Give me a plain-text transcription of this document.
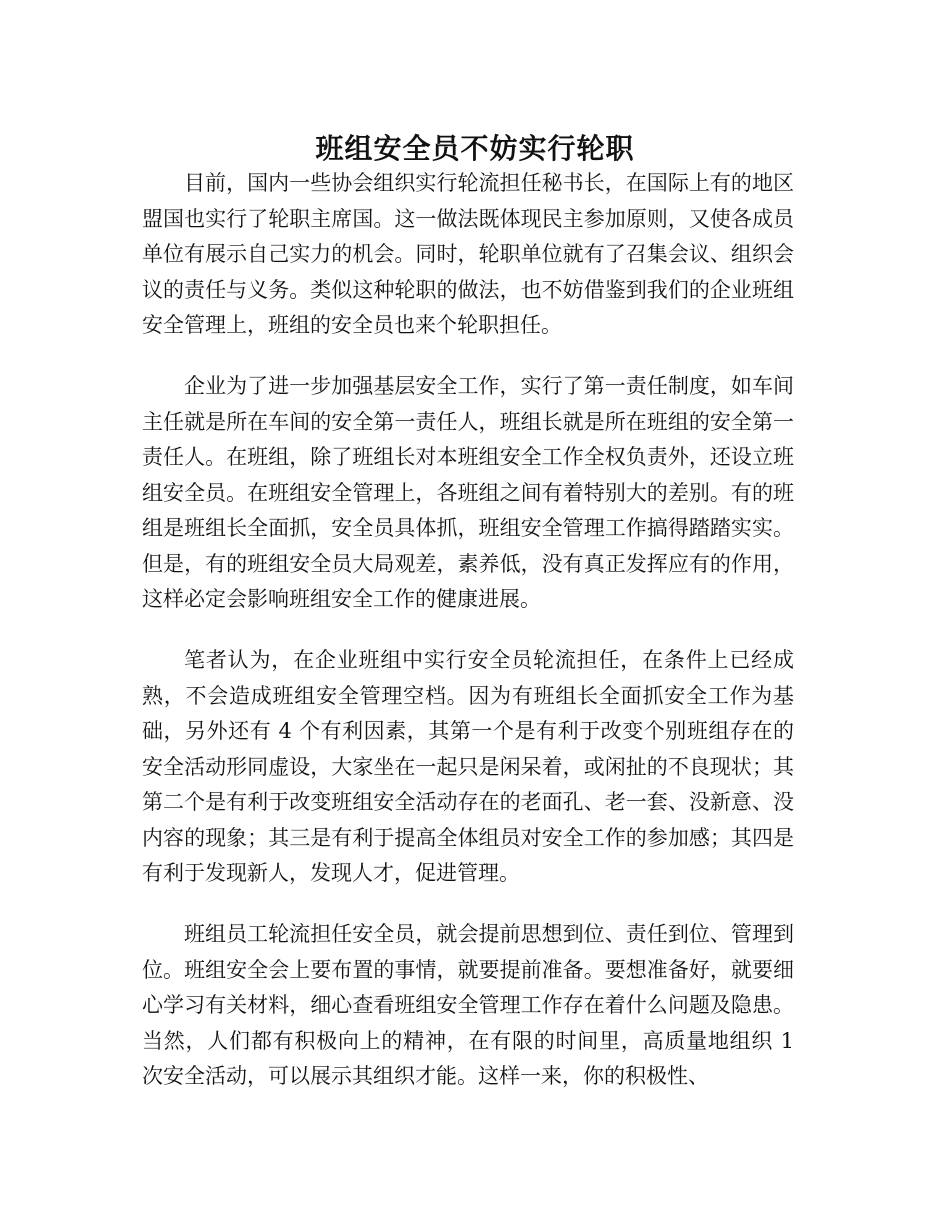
班组安全员不妨实行轮职

目前，国内一些协会组织实行轮流担任秘书长，在国际上有的地区盟国也实行了轮职主席国。这一做法既体现民主参加原则，又使各成员单位有展示自己实力的机会。同时，轮职单位就有了召集会议、组织会议的责任与义务。类似这种轮职的做法，也不妨借鉴到我们的企业班组安全管理上，班组的安全员也来个轮职担任。

企业为了进一步加强基层安全工作，实行了第一责任制度，如车间主任就是所在车间的安全第一责任人，班组长就是所在班组的安全第一责任人。在班组，除了班组长对本班组安全工作全权负责外，还设立班组安全员。在班组安全管理上，各班组之间有着特别大的差别。有的班组是班组长全面抓，安全员具体抓，班组安全管理工作搞得踏踏实实。但是，有的班组安全员大局观差，素养低，没有真正发挥应有的作用，这样必定会影响班组安全工作的健康进展。

笔者认为，在企业班组中实行安全员轮流担任，在条件上已经成熟，不会造成班组安全管理空档。因为有班组长全面抓安全工作为基础，另外还有 4 个有利因素，其第一个是有利于改变个别班组存在的安全活动形同虚设，大家坐在一起只是闲呆着，或闲扯的不良现状；其第二个是有利于改变班组安全活动存在的老面孔、老一套、没新意、没内容的现象；其三是有利于提高全体组员对安全工作的参加感；其四是有利于发现新人，发现人才，促进管理。

班组员工轮流担任安全员，就会提前思想到位、责任到位、管理到位。班组安全会上要布置的事情，就要提前准备。要想准备好，就要细心学习有关材料，细心查看班组安全管理工作存在着什么问题及隐患。当然，人们都有积极向上的精神，在有限的时间里，高质量地组织 1 次安全活动，可以展示其组织才能。这样一来，你的积极性、
